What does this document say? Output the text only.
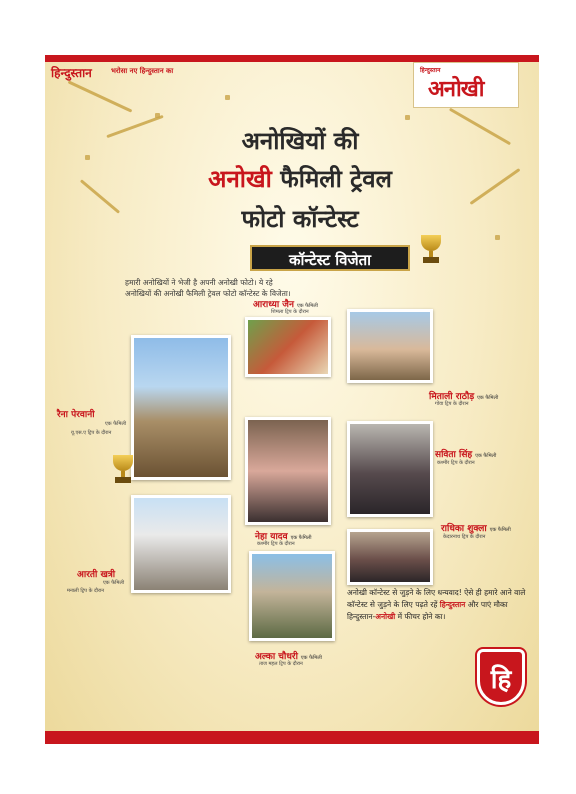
हिन्दुस्तान	भरोसा नए हिन्दुस्तान का	हिन्दुस्तान
अनोखी
अनोखियों की
अनोखी फैमिली ट्रेवल
फोटो कॉन्टेस्ट
कॉन्टेस्ट विजेता
हमारी अनोखियों ने भेजी है अपनी अनोखी फोटो। ये रहे अनोखियों की अनोखी फैमिली ट्रेवल फोटो कॉन्टेस्ट के विजेता।
रैना पेरवानी
एक फैमिली
यू.एस.ए ट्रिप के दौरान
आराध्या जैन एक फैमिली
शिमला ट्रिप के दौरान
मिताली राठौड़ एक फैमिली
गोवा ट्रिप के दौरान
सविता सिंह एक फैमिली
कश्मीर ट्रिप के दौरान
नेहा यादव एक फैमिली
कश्मीर ट्रिप के दौरान
राधिका शुक्ला एक फैमिली
केदारनाथ ट्रिप के दौरान
आरती खत्री
एक फैमिली
मनाली ट्रिप के दौरान
अल्का चौधरी एक फैमिली
ताज महल ट्रिप के दौरान
अनोखी कॉन्टेस्ट से जुड़ने के लिए धन्यवाद! ऐसे ही हमारे आने वाले कॉन्टेस्ट से जुड़ने के लिए पढ़ते रहें हिन्दुस्तान और पाएं मौका हिन्दुस्तान-अनोखी में फीचर होने का।
हि
